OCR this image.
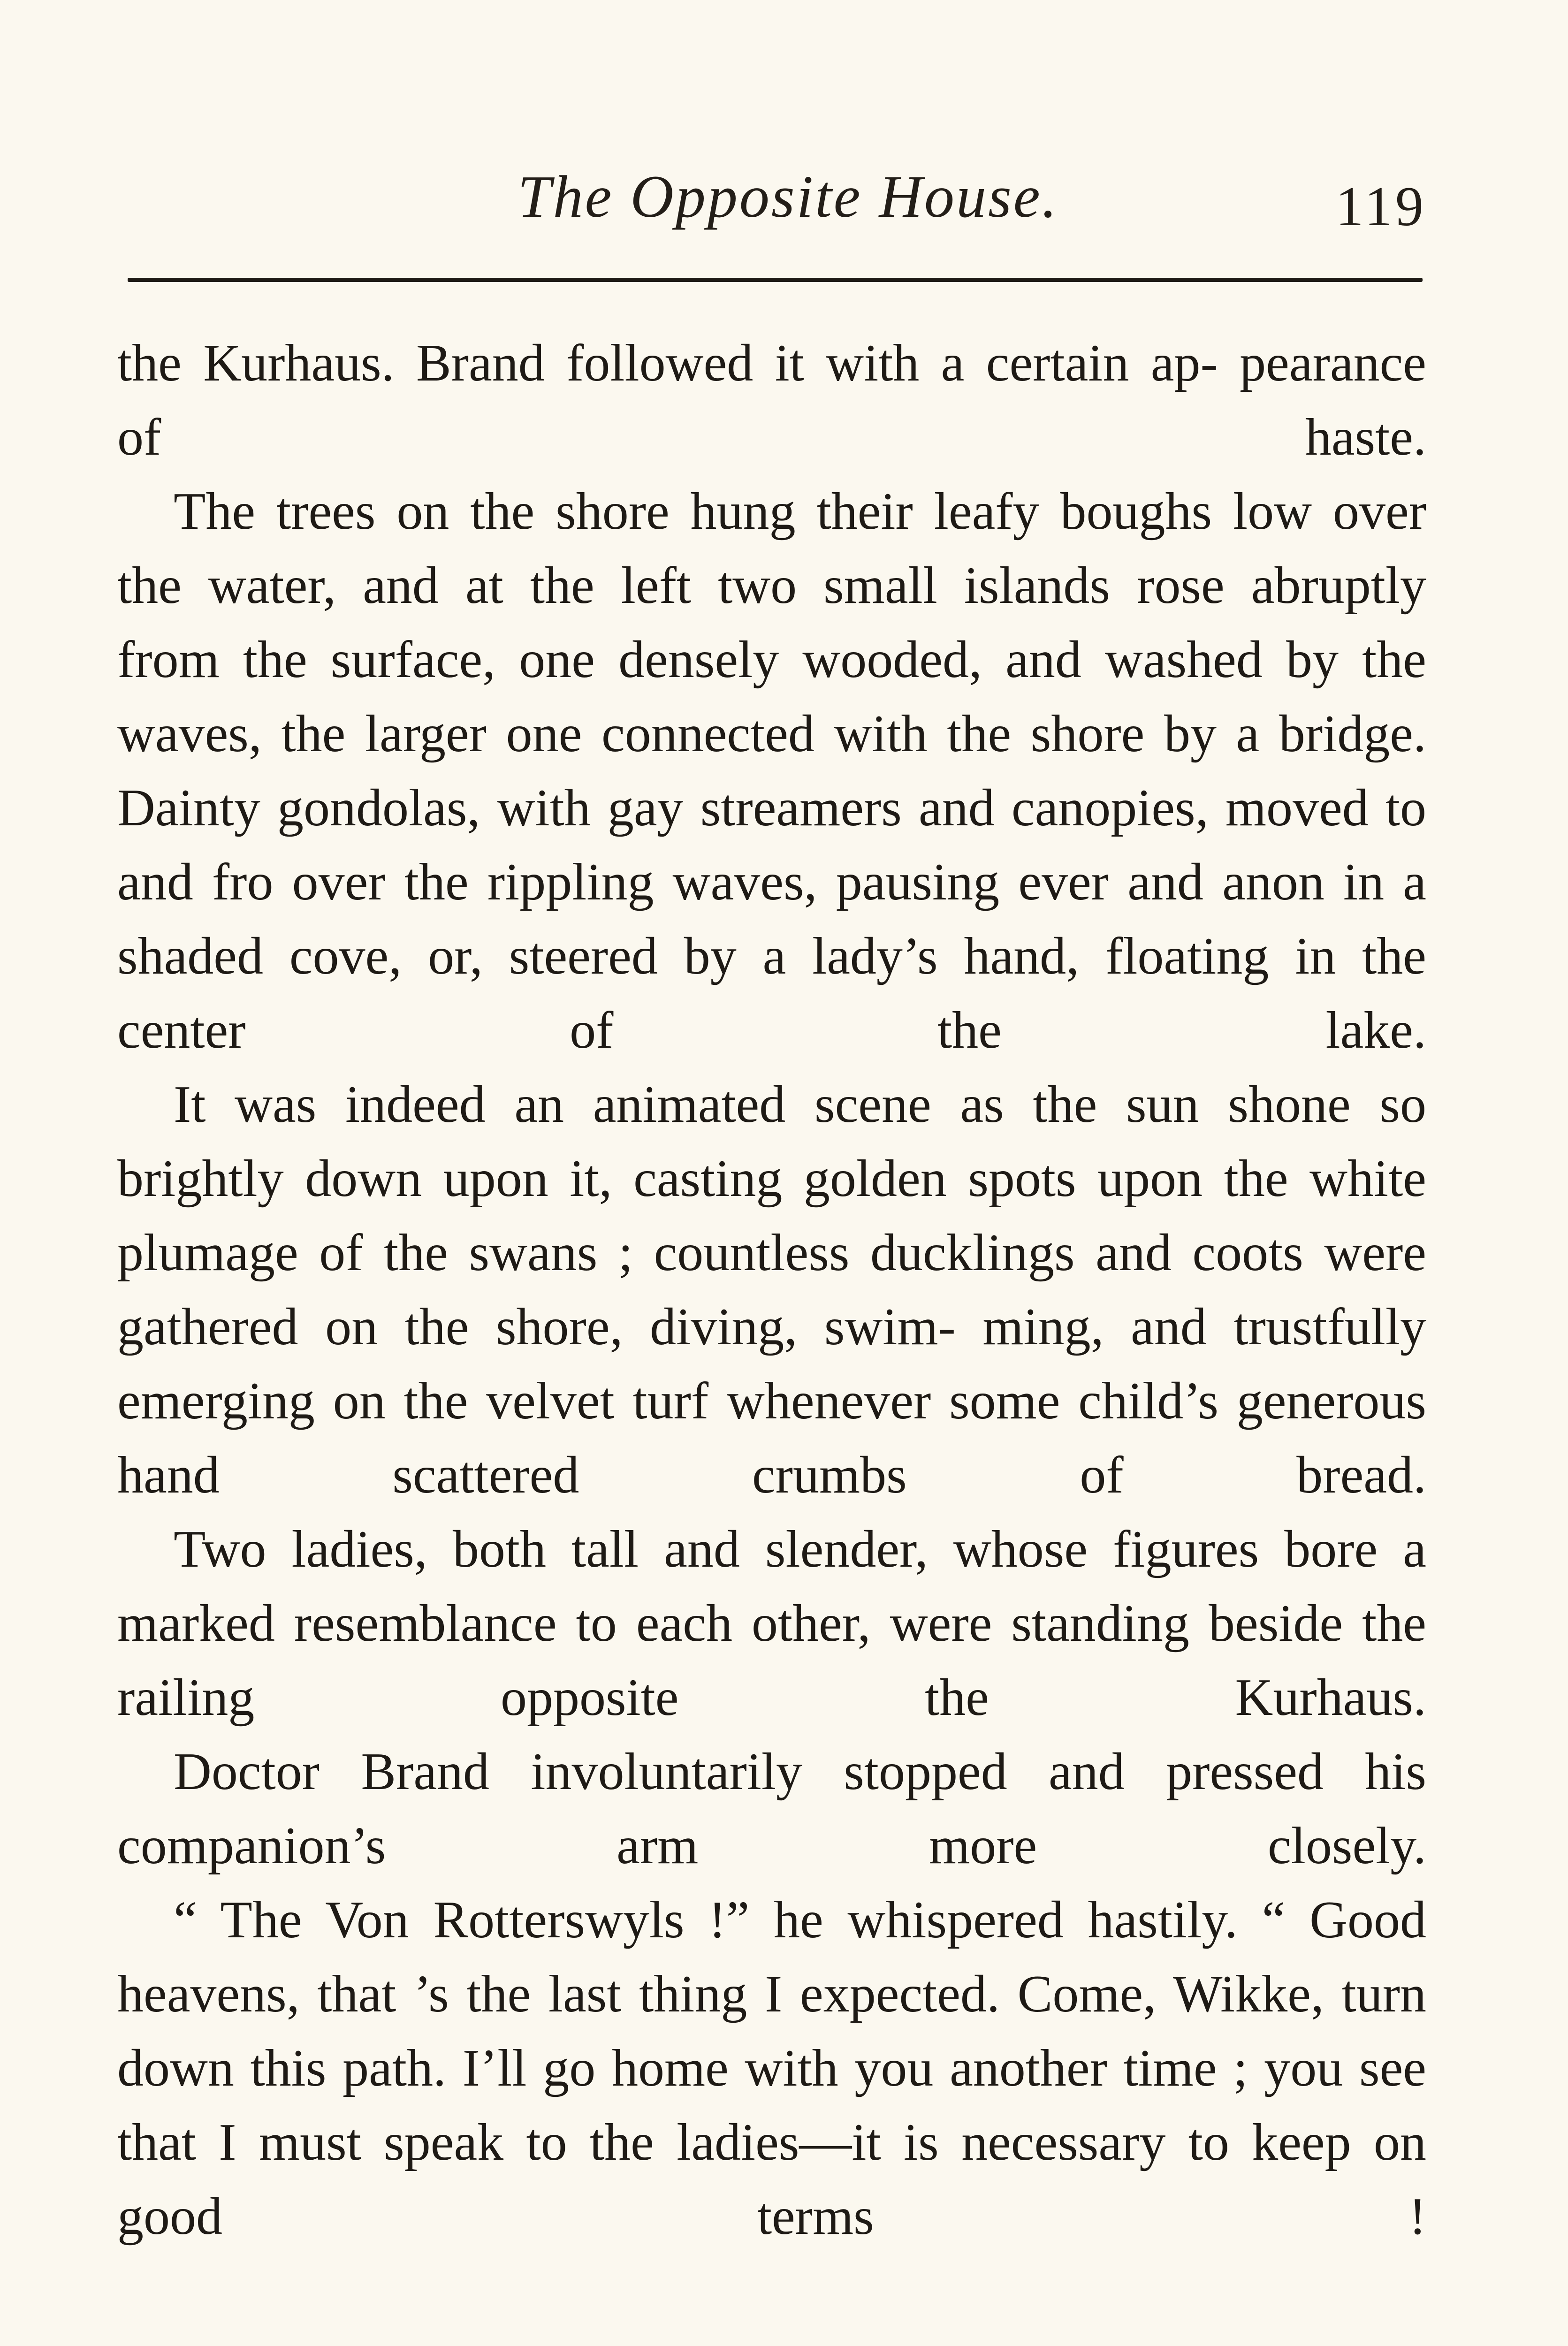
The Opposite House.	119

the Kurhaus. Brand followed it with a certain ap- pearance of haste.

The trees on the shore hung their leafy boughs low over the water, and at the left two small islands rose abruptly from the surface, one densely wooded, and washed by the waves, the larger one connected with the shore by a bridge. Dainty gondolas, with gay streamers and canopies, moved to and fro over the rippling waves, pausing ever and anon in a shaded cove, or, steered by a lady’s hand, floating in the center of the lake.

It was indeed an animated scene as the sun shone so brightly down upon it, casting golden spots upon the white plumage of the swans ; countless ducklings and coots were gathered on the shore, diving, swim- ming, and trustfully emerging on the velvet turf whenever some child’s generous hand scattered crumbs of bread.

Two ladies, both tall and slender, whose figures bore a marked resemblance to each other, were standing beside the railing opposite the Kurhaus.

Doctor Brand involuntarily stopped and pressed his companion’s arm more closely.

“ The Von Rotterswyls !” he whispered hastily. “ Good heavens, that ’s the last thing I expected. Come, Wikke, turn down this path. I’ll go home with you another time ; you see that I must speak to the ladies—it is necessary to keep on good terms !
